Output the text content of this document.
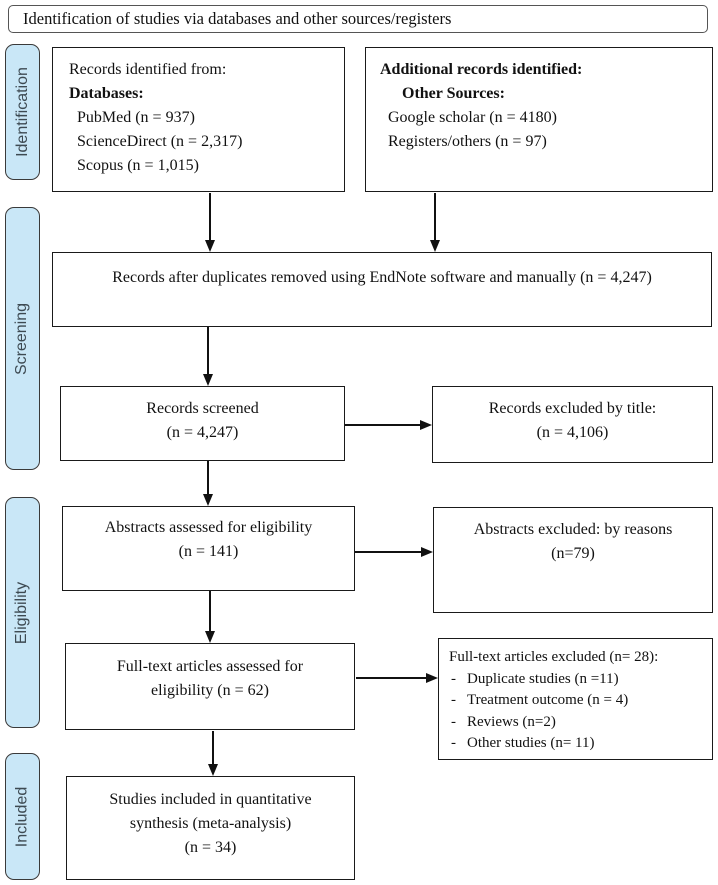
Identification of studies via databases and other sources/registers
Identification
Screening
Eligibility
Included
Records identified from:
Databases:
PubMed (n = 937)
ScienceDirect (n = 2,317)
Scopus (n = 1,015)
Additional records identified:
Other Sources:
Google scholar (n = 4180)
Registers/others (n = 97)
Records after duplicates removed using EndNote software and manually (n = 4,247)
Records screened
(n = 4,247)
Records excluded by title:
(n = 4,106)
Abstracts assessed for eligibility
(n = 141)
Abstracts excluded: by reasons
(n=79)
Full-text articles assessed for
eligibility (n = 62)
Full-text articles excluded (n= 28):
- Duplicate studies (n =11)
- Treatment outcome (n = 4)
- Reviews (n=2)
- Other studies (n= 11)
Studies included in quantitative
synthesis (meta-analysis)
(n = 34)
